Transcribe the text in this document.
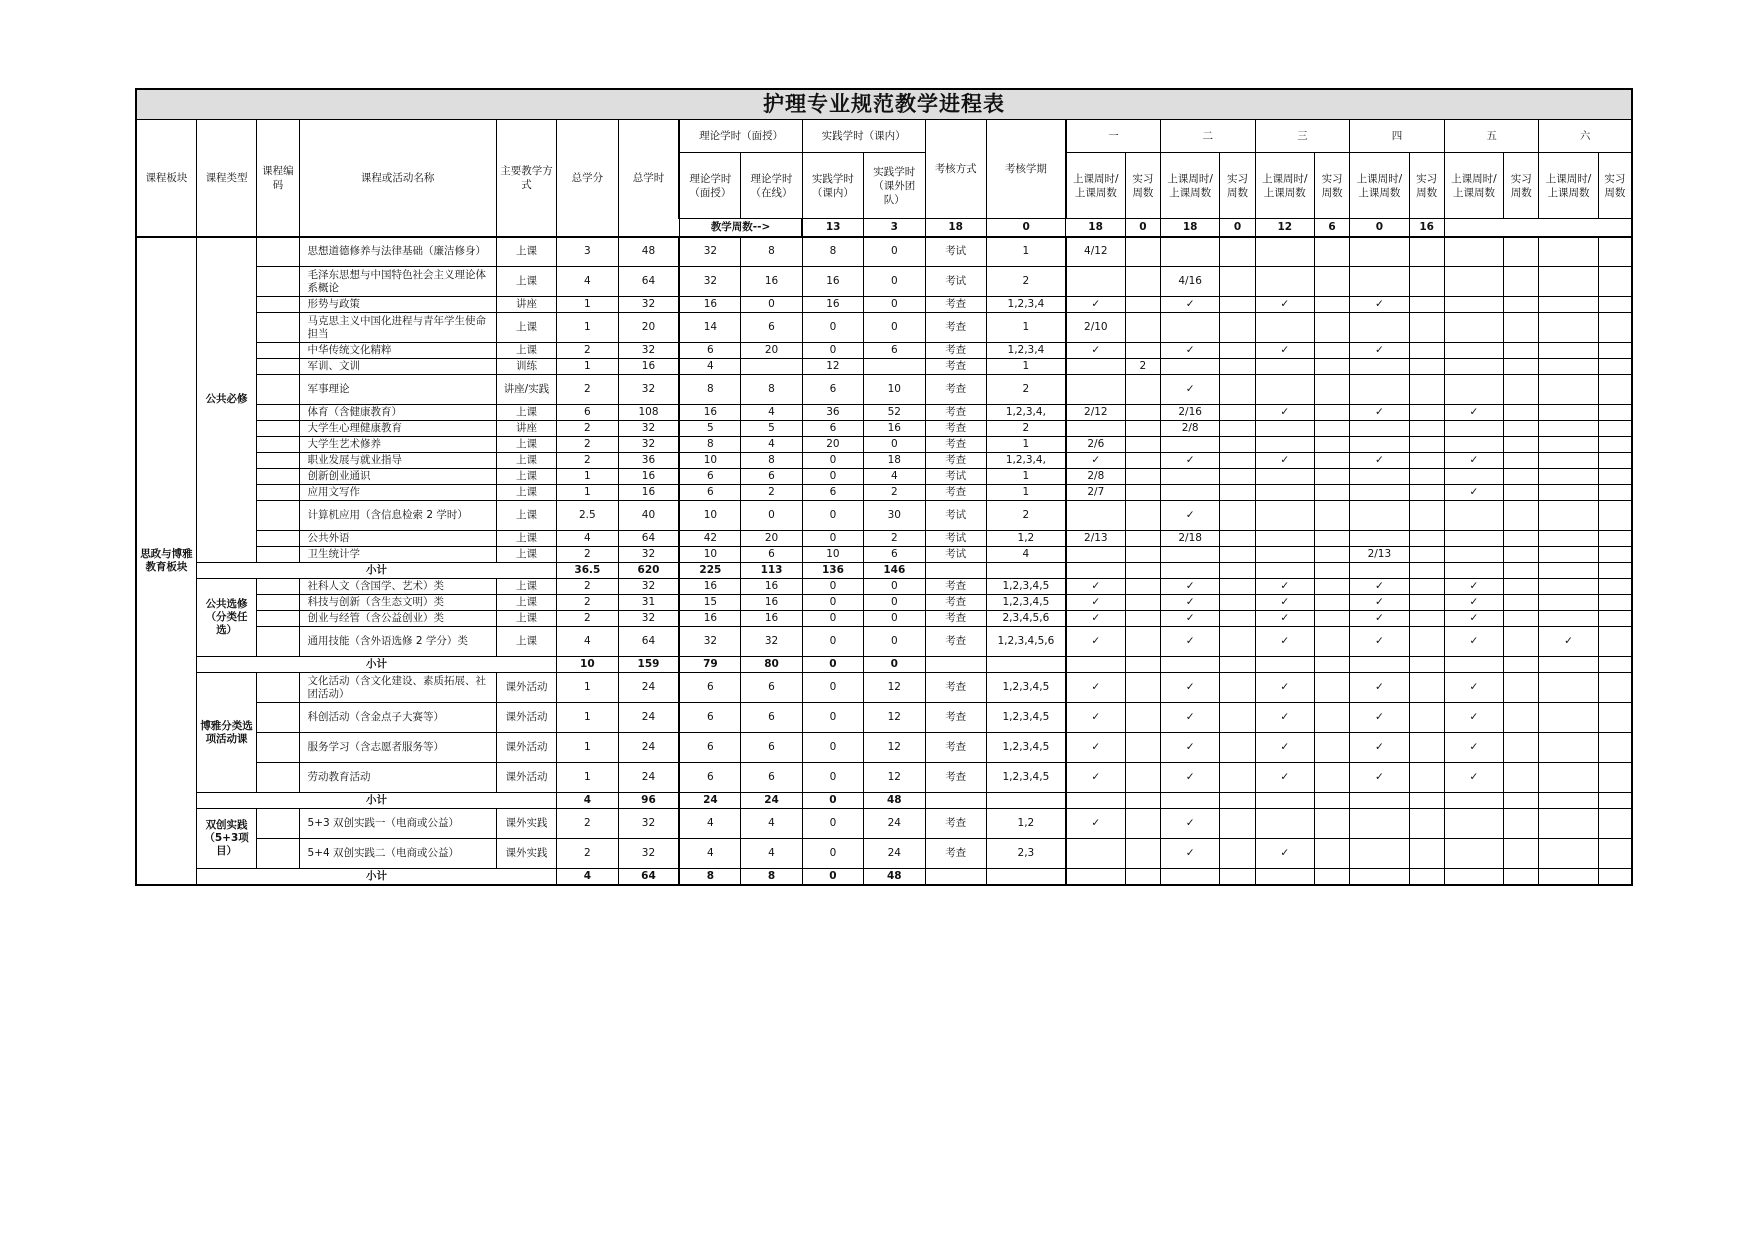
护理专业规范教学进程表																								
课程板块	课程类型	课程编码	课程或活动名称	主要教学方式	总学分	总学时	理论学时（面授）		实践学时（课内）		考核方式	考核学期	一		二		三		四		五		六	
							理论学时（面授）	理论学时（在线）	实践学时（课内）	实践学时（课外团队）			上课周时/上课周数	实习周数	上课周时/上课周数	实习周数	上课周时/上课周数	实习周数	上课周时/上课周数	实习周数	上课周时/上课周数	实习周数	上课周时/上课周数	实习周数
							教学周数-->		13	3	18	0	18	0	18	0	12	6	0	16				
思政与博雅教育板块	公共必修		思想道德修养与法律基础（廉洁修身）	上课	3	48	32	8	8	0	考试	1	4/12											
			毛泽东思想与中国特色社会主义理论体系概论	上课	4	64	32	16	16	0	考试	2			4/16									
			形势与政策	讲座	1	32	16	0	16	0	考查	1,2,3,4	✓		✓		✓		✓					
			马克思主义中国化进程与青年学生使命担当	上课	1	20	14	6	0	0	考查	1	2/10											
			中华传统文化精粹	上课	2	32	6	20	0	6	考查	1,2,3,4	✓		✓		✓		✓					
			军训、文训	训练	1	16	4		12		考查	1		2										
			军事理论	讲座/实践	2	32	8	8	6	10	考查	2			✓									
			体育（含健康教育）	上课	6	108	16	4	36	52	考查	1,2,3,4,	2/12		2/16		✓		✓		✓			
			大学生心理健康教育	讲座	2	32	5	5	6	16	考查	2			2/8									
			大学生艺术修养	上课	2	32	8	4	20	0	考查	1	2/6											
			职业发展与就业指导	上课	2	36	10	8	0	18	考查	1,2,3,4,	✓		✓		✓		✓		✓			
			创新创业通识	上课	1	16	6	6	0	4	考试	1	2/8											
			应用文写作	上课	1	16	6	2	6	2	考查	1	2/7								✓			
			计算机应用（含信息检索 2 学时）	上课	2.5	40	10	0	0	30	考试	2			✓									
			公共外语	上课	4	64	42	20	0	2	考试	1,2	2/13		2/18									
			卫生统计学	上课	2	32	10	6	10	6	考试	4							2/13					
	小计				36.5	620	225	113	136	146														
	公共选修（分类任选）		社科人文（含国学、艺术）类	上课	2	32	16	16	0	0	考查	1,2,3,4,5	✓		✓		✓		✓		✓			
			科技与创新（含生态文明）类	上课	2	31	15	16	0	0	考查	1,2,3,4,5	✓		✓		✓		✓		✓			
			创业与经管（含公益创业）类	上课	2	32	16	16	0	0	考查	2,3,4,5,6	✓		✓		✓		✓		✓			
			通用技能（含外语选修 2 学分）类	上课	4	64	32	32	0	0	考查	1,2,3,4,5,6	✓		✓		✓		✓		✓		✓	
	小计				10	159	79	80	0	0														
	博雅分类选项活动课		文化活动（含文化建设、素质拓展、社团活动）	课外活动	1	24	6	6	0	12	考查	1,2,3,4,5	✓		✓		✓		✓		✓			
			科创活动（含金点子大赛等）	课外活动	1	24	6	6	0	12	考查	1,2,3,4,5	✓		✓		✓		✓		✓			
			服务学习（含志愿者服务等）	课外活动	1	24	6	6	0	12	考查	1,2,3,4,5	✓		✓		✓		✓		✓			
			劳动教育活动	课外活动	1	24	6	6	0	12	考查	1,2,3,4,5	✓		✓		✓		✓		✓			
	小计				4	96	24	24	0	48														
	双创实践（5+3项目）		5+3 双创实践一（电商或公益）	课外实践	2	32	4	4	0	24	考查	1,2	✓		✓									
			5+4 双创实践二（电商或公益）	课外实践	2	32	4	4	0	24	考查	2,3			✓		✓							
	小计				4	64	8	8	0	48														
